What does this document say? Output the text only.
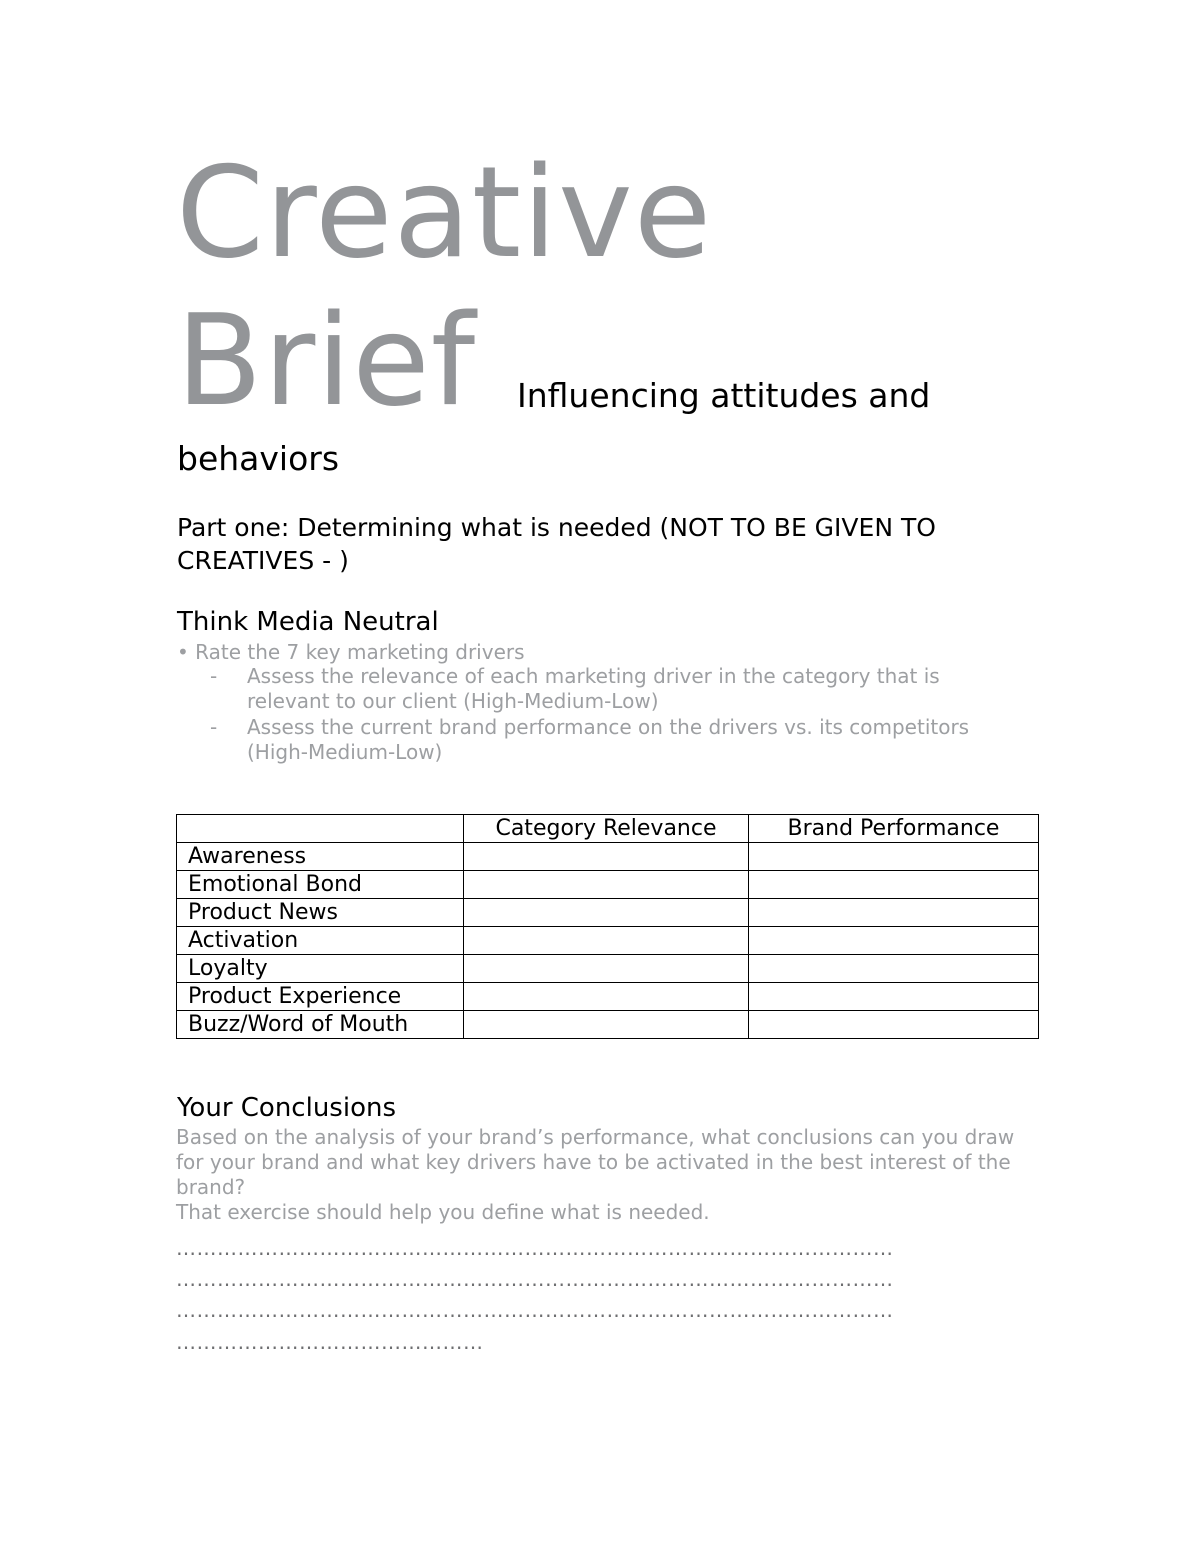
Creative
Brief Influencing attitudes and
behaviors
Part one: Determining what is needed (NOT TO BE GIVEN TO CREATIVES - )
Think Media Neutral
• Rate the 7 key marketing drivers
- Assess the relevance of each marketing driver in the category that is relevant to our client (High-Medium-Low)
- Assess the current brand performance on the drivers vs. its competitors (High-Medium-Low)
	Category Relevance	Brand Performance
Awareness		
Emotional Bond		
Product News		
Activation		
Loyalty		
Product Experience		
Buzz/Word of Mouth		
Your Conclusions
Based on the analysis of your brand’s performance, what conclusions can you draw for your brand and what key drivers have to be activated in the best interest of the brand?
That exercise should help you define what is needed.
……………………………………………………………………………………………
……………………………………………………………………………………………
……………………………………………………………………………………………
………………………………………
